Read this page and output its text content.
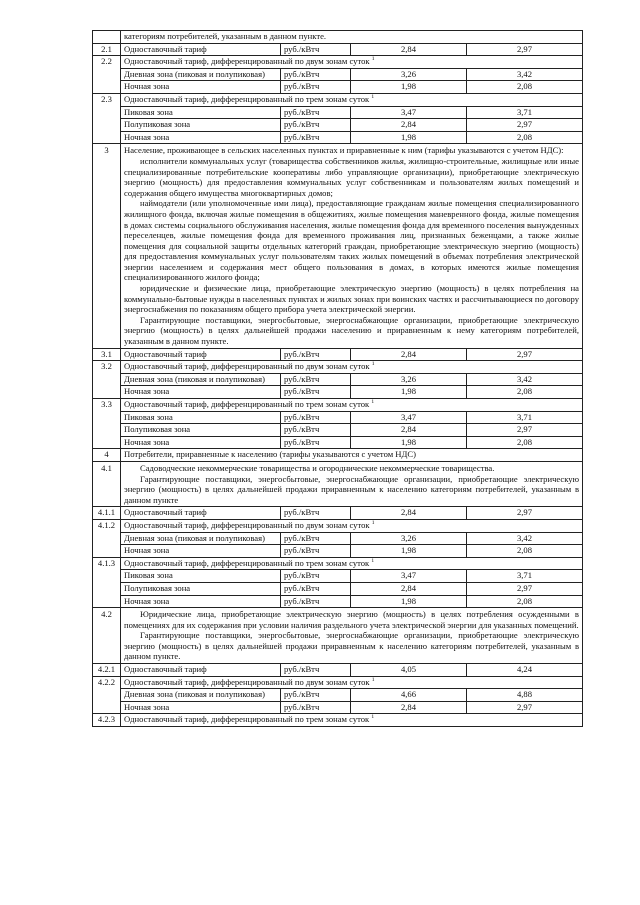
	категориям потребителей, указанным в данном пункте.			
2.1	Одноставочный тариф	руб./кВтч	2,84	2,97
2.2	Одноставочный тариф, дифференцированный по двум зонам суток $^1$
	Дневная зона (пиковая и полупиковая)	руб./кВтч	3,26	3,42
	Ночная зона	руб./кВтч	1,98	2,08
2.3	Одноставочный тариф, дифференцированный по трем зонам суток $^1$
	Пиковая зона	руб./кВтч	3,47	3,71
	Полупиковая зона	руб./кВтч	2,84	2,97
	Ночная зона	руб./кВтч	1,98	2,08
3	Население, проживающее в сельских населенных пунктах и приравненные к ним (тарифы указываются с учетом НДС):

исполнители коммунальных услуг (товарищества собственников жилья, жилищно-строительные, жилищные или иные специализированные потребительские кооперативы либо управляющие организации), приобретающие электрическую энергию (мощность) для предоставления коммунальных услуг собственникам и пользователям жилых помещений и содержания общего имущества многоквартирных домов;

наймодатели (или уполномоченные ими лица), предоставляющие гражданам жилые помещения специализированного жилищного фонда, включая жилые помещения в общежитиях, жилые помещения маневренного фонда, жилые помещения в домах системы социального обслуживания населения, жилые помещения фонда для временного поселения вынужденных переселенцев, жилые помещения фонда для временного проживания лиц, признанных беженцами, а также жилые помещения для социальной защиты отдельных категорий граждан, приобретающие электрическую энергию (мощность) для предоставления коммунальных услуг пользователям таких жилых помещений в объемах потребления электрической энергии населением и содержания мест общего пользования в домах, в которых имеются жилые помещения специализированного жилого фонда;

юридические и физические лица, приобретающие электрическую энергию (мощность) в целях потребления на коммунально-бытовые нужды в населенных пунктах и жилых зонах при воинских частях и рассчитывающиеся по договору энергоснабжения по показаниям общего прибора учета электрической энергии.

Гарантирующие поставщики, энергосбытовые, энергоснабжающие организации, приобретающие электрическую энергию (мощность) в целях дальнейшей продажи населению и приравненным к нему категориям потребителей, указанным в данном пункте.			

3.1	Одноставочный тариф	руб./кВтч	2,84	2,97
3.2	Одноставочный тариф, дифференцированный по двум зонам суток $^1$
	Дневная зона (пиковая и полупиковая)	руб./кВтч	3,26	3,42
	Ночная зона	руб./кВтч	1,98	2,08
3.3	Одноставочный тариф, дифференцированный по трем зонам суток $^1$
	Пиковая зона	руб./кВтч	3,47	3,71
	Полупиковая зона	руб./кВтч	2,84	2,97
	Ночная зона	руб./кВтч	1,98	2,08
4	Потребители, приравненные к населению (тарифы указываются с учетом НДС)			
4.1	Садоводческие некоммерческие товарищества и огороднические некоммерческие товарищества.

Гарантирующие поставщики, энергосбытовые, энергоснабжающие организации, приобретающие электрическую энергию (мощность) в целях дальнейшей продажи приравненным к населению категориям потребителей, указанным в данном пункте			

4.1.1	Одноставочный тариф	руб./кВтч	2,84	2,97
4.1.2	Одноставочный тариф, дифференцированный по двум зонам суток $^1$
	Дневная зона (пиковая и полупиковая)	руб./кВтч	3,26	3,42
	Ночная зона	руб./кВтч	1,98	2,08
4.1.3	Одноставочный тариф, дифференцированный по трем зонам суток $^1$
	Пиковая зона	руб./кВтч	3,47	3,71
	Полупиковая зона	руб./кВтч	2,84	2,97
	Ночная зона	руб./кВтч	1,98	2,08
4.2	Юридические лица, приобретающие электрическую энергию (мощность) в целях потребления осужденными в помещениях для их содержания при условии наличия раздельного учета электрической энергии для указанных помещений.

Гарантирующие поставщики, энергосбытовые, энергоснабжающие организации, приобретающие электрическую энергию (мощность) в целях дальнейшей продажи приравненным к населению категориям потребителей, указанным в данном пункте.			

4.2.1	Одноставочный тариф	руб./кВтч	4,05	4,24
4.2.2	Одноставочный тариф, дифференцированный по двум зонам суток $^1$
	Дневная зона (пиковая и полупиковая)	руб./кВтч	4,66	4,88
	Ночная зона	руб./кВтч	2,84	2,97
4.2.3	Одноставочный тариф, дифференцированный по трем зонам суток $^1$
